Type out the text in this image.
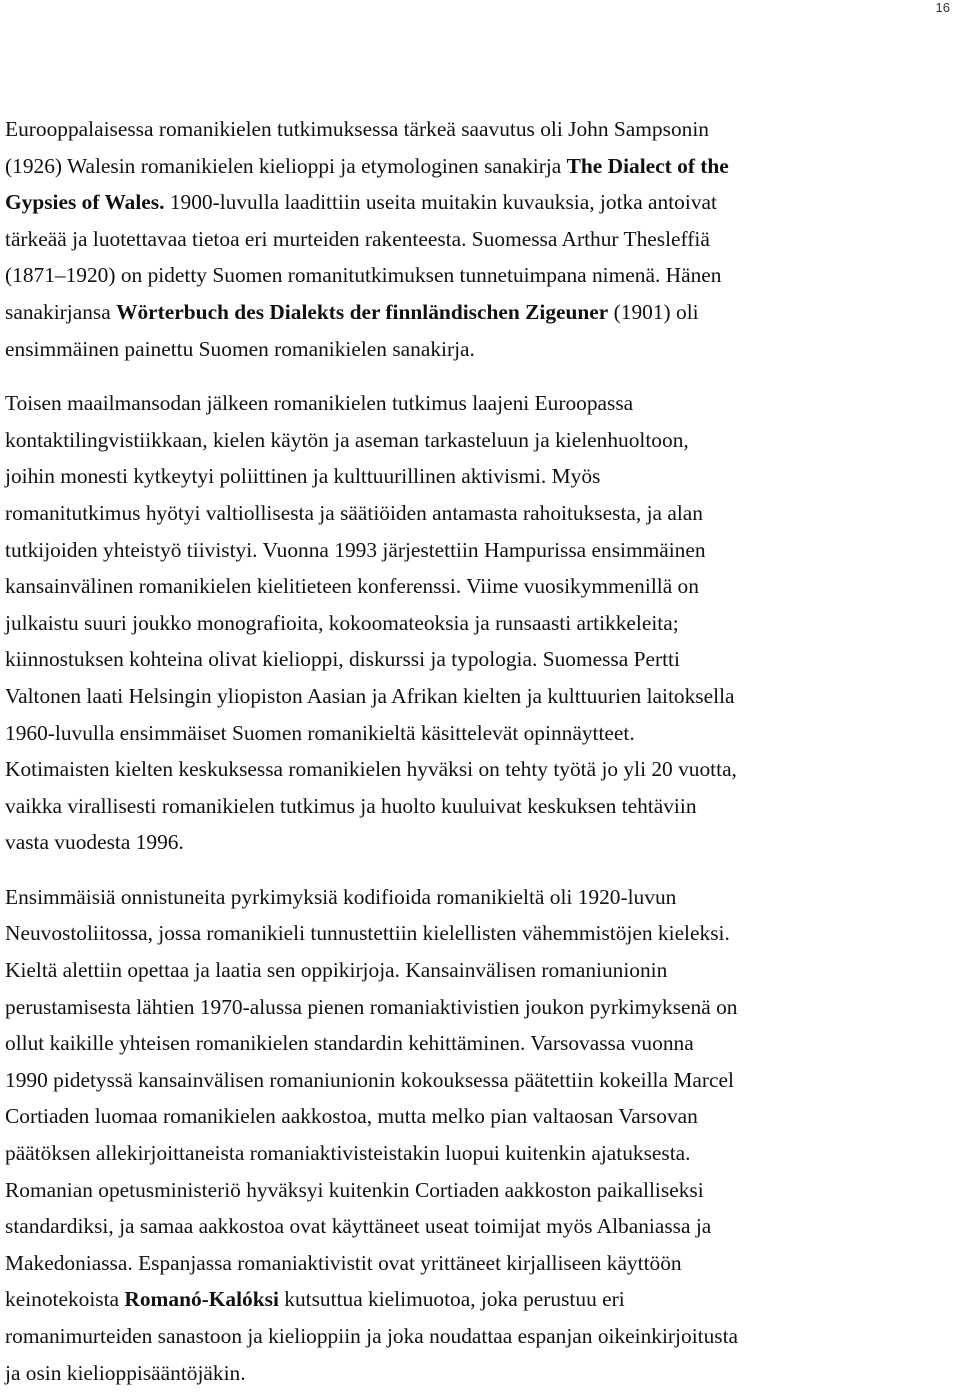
16

Eurooppalaisessa romanikielen tutkimuksessa tärkeä saavutus oli John Sampsonin
(1926) Walesin romanikielen kielioppi ja etymologinen sanakirja The Dialect of the
Gypsies of Wales. 1900-luvulla laadittiin useita muitakin kuvauksia, jotka antoivat
tärkeää ja luotettavaa tietoa eri murteiden rakenteesta. Suomessa Arthur Thesleffiä
(1871–1920) on pidetty Suomen romanitutkimuksen tunnetuimpana nimenä. Hänen
sanakirjansa Wörterbuch des Dialekts der finnländischen Zigeuner (1901) oli
ensimmäinen painettu Suomen romanikielen sanakirja.

Toisen maailmansodan jälkeen romanikielen tutkimus laajeni Euroopassa
kontaktilingvistiikkaan, kielen käytön ja aseman tarkasteluun ja kielenhuoltoon,
joihin monesti kytkeytyi poliittinen ja kulttuurillinen aktivismi. Myös
romanitutkimus hyötyi valtiollisesta ja säätiöiden antamasta rahoituksesta, ja alan
tutkijoiden yhteistyö tiivistyi. Vuonna 1993 järjestettiin Hampurissa ensimmäinen
kansainvälinen romanikielen kielitieteen konferenssi. Viime vuosikymmenillä on
julkaistu suuri joukko monografioita, kokoomateoksia ja runsaasti artikkeleita;
kiinnostuksen kohteina olivat kielioppi, diskurssi ja typologia. Suomessa Pertti
Valtonen laati Helsingin yliopiston Aasian ja Afrikan kielten ja kulttuurien laitoksella
1960-luvulla ensimmäiset Suomen romanikieltä käsittelevät opinnäytteet.
Kotimaisten kielten keskuksessa romanikielen hyväksi on tehty työtä jo yli 20 vuotta,
vaikka virallisesti romanikielen tutkimus ja huolto kuuluivat keskuksen tehtäviin
vasta vuodesta 1996.

Ensimmäisiä onnistuneita pyrkimyksiä kodifioida romanikieltä oli 1920-luvun
Neuvostoliitossa, jossa romanikieli tunnustettiin kielellisten vähemmistöjen kieleksi.
Kieltä alettiin opettaa ja laatia sen oppikirjoja. Kansainvälisen romaniunionin
perustamisesta lähtien 1970-alussa pienen romaniaktivistien joukon pyrkimyksenä on
ollut kaikille yhteisen romanikielen standardin kehittäminen. Varsovassa vuonna
1990 pidetyssä kansainvälisen romaniunionin kokouksessa päätettiin kokeilla Marcel
Cortiaden luomaa romanikielen aakkostoa, mutta melko pian valtaosan Varsovan
päätöksen allekirjoittaneista romaniaktivisteistakin luopui kuitenkin ajatuksesta.
Romanian opetusministeriö hyväksyi kuitenkin Cortiaden aakkoston paikalliseksi
standardiksi, ja samaa aakkostoa ovat käyttäneet useat toimijat myös Albaniassa ja
Makedoniassa. Espanjassa romaniaktivistit ovat yrittäneet kirjalliseen käyttöön
keinotekoista Romanó-Kalóksi kutsuttua kielimuotoa, joka perustuu eri
romanimurteiden sanastoon ja kielioppiin ja joka noudattaa espanjan oikeinkirjoitusta
ja osin kielioppisääntöjäkin.
